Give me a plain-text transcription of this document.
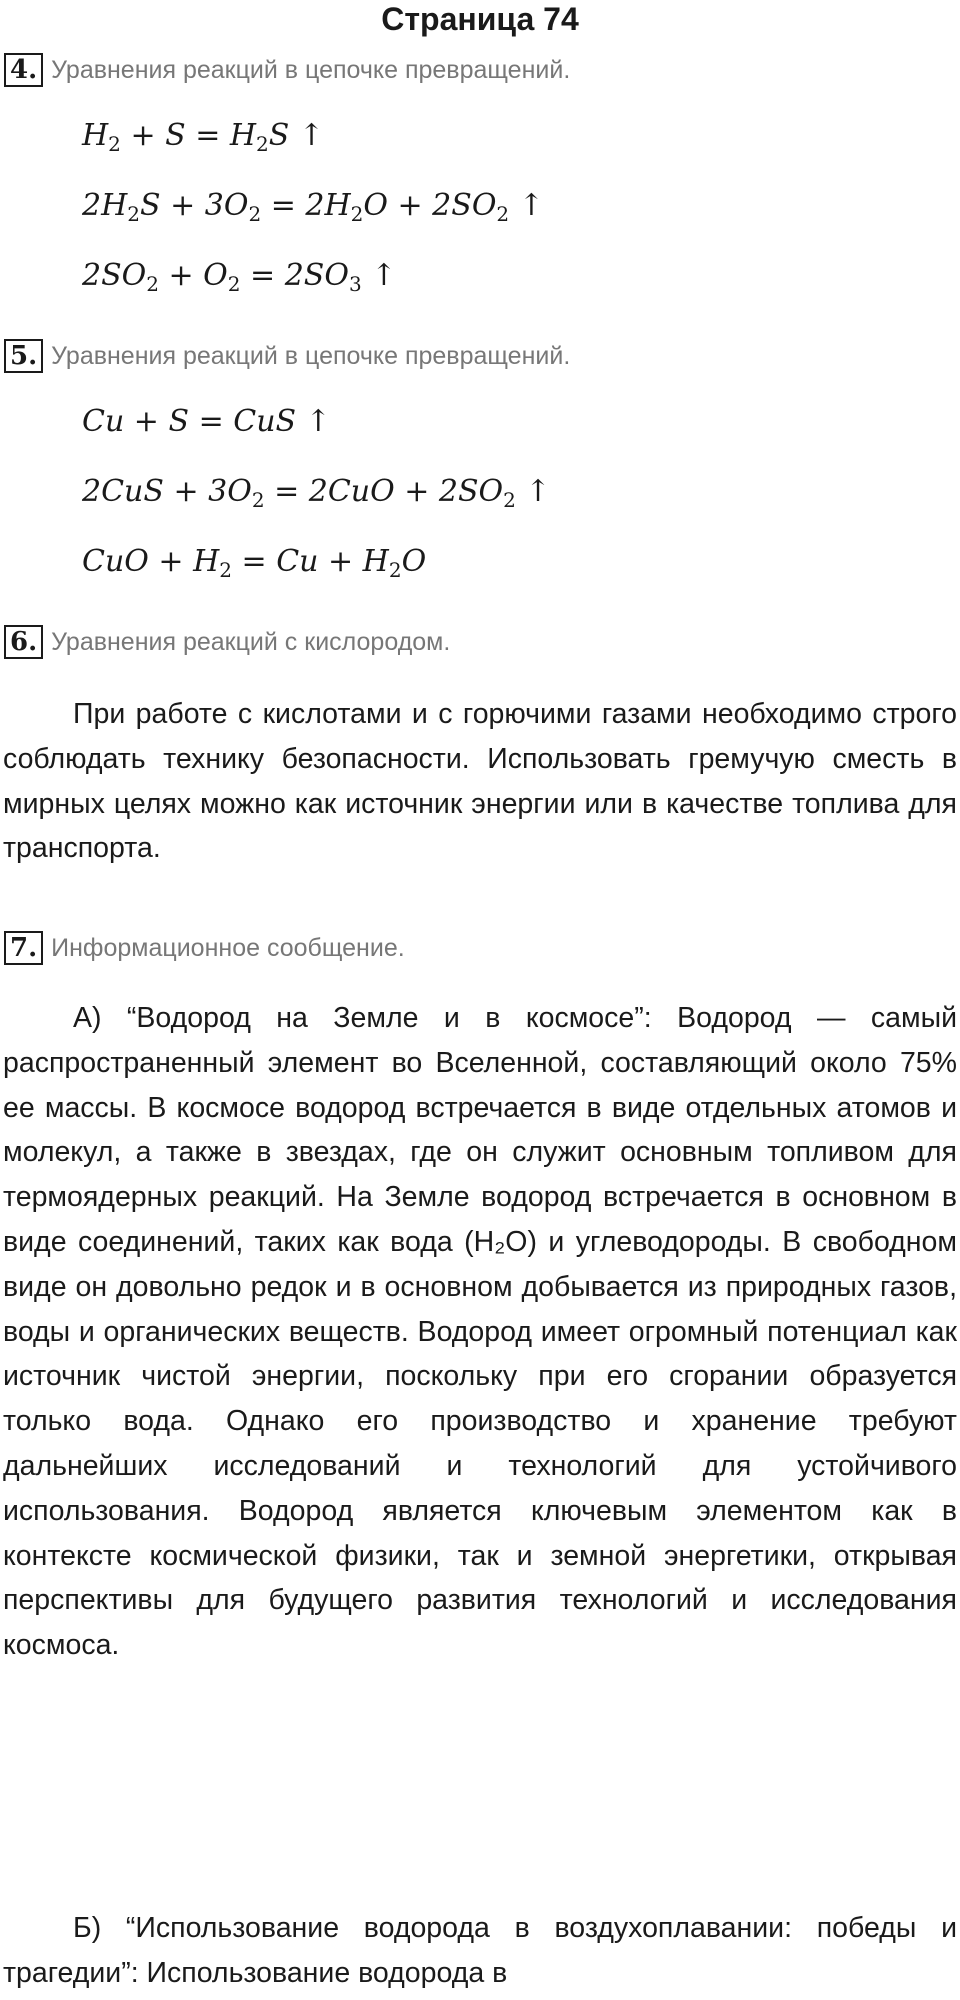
Страница 74
4. Уравнения реакций в цепочке превращений.
$H_2 + S = H_2S$ ↑
$2H_2S + 3O_2 = 2H_2O + 2SO_2$ ↑
$2SO_2 + O_2 = 2SO_3$ ↑
5. Уравнения реакций в цепочке превращений.
Cu + S = CuS ↑
$2CuS + 3O_2 = 2CuO + 2SO_2$ ↑
CuO + $H_2 = Cu + H_2O$
6. Уравнения реакций с кислородом.
При работе с кислотами и с горючими газами необходимо строго соблюдать технику безопасности. Использовать гремучую сместь в мирных целях можно как источник энергии или в качестве топлива для транспорта.
7. Информационное сообщение.
А) “Водород на Земле и в космосе”: Водород — самый распространенный элемент во Вселенной, составляющий около 75% ее массы. В космосе водород встречается в виде отдельных атомов и молекул, а также в звездах, где он служит основным топливом для термоядерных реакций. На Земле водород встречается в основном в виде соединений, таких как вода (H₂O) и углеводороды. В свободном виде он довольно редок и в основном добывается из природных газов, воды и органических веществ. Водород имеет огромный потенциал как источник чистой энергии, поскольку при его сгорании образуется только вода. Однако его производство и хранение требуют дальнейших исследований и технологий для устойчивого использования. Водород является ключевым элементом как в контексте космической физики, так и земной энергетики, открывая перспективы для будущего развития технологий и исследования космоса.
Б) “Использование водорода в воздухоплавании: победы и трагедии”: Использование водорода в
